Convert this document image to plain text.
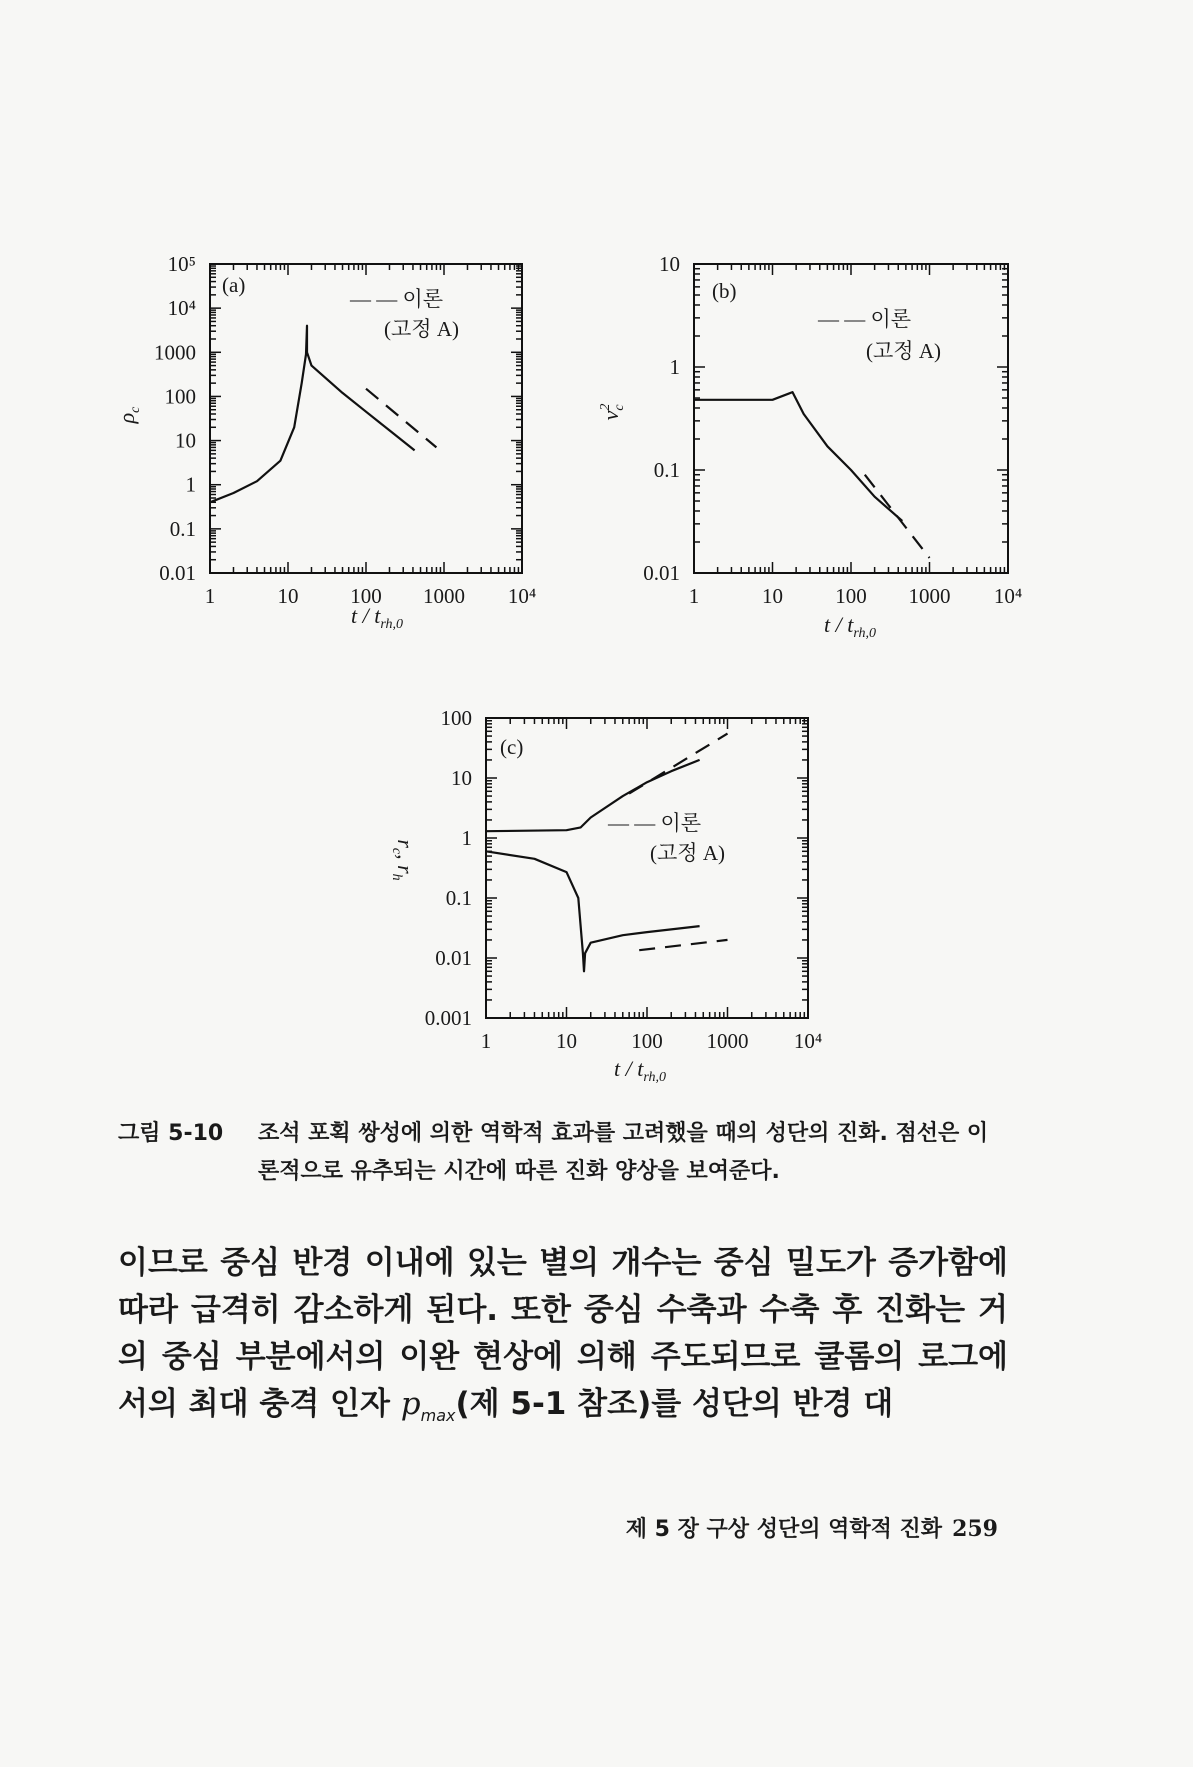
(a)
— — 이론
(고정 A)
1	10 100 1000 10⁴
0.01
0.1
1
10
100
1000
10⁴
10⁵
t / $t_{rh,0}$
$\rho_c$
(b)
— — 이론
(고정 A)
1	10 100 1000 10⁴
0.01
0.1
1
10
t / $t_{rh,0}$
$v^2c$
(c)
— — 이론
(고정 A)
1	10	100 1000 10⁴
0.001
0.01
0.1
1
10
100
t / $t_{rh,0}$
$r_c$, $r_h$
그림 5-10 조석 포획 쌍성에 의한 역학적 효과를 고려했을 때의 성단의 진화. 점선은 이론적으로 유추되는 시간에 따른 진화 양상을 보여준다.
이므로 중심 반경 이내에 있는 별의 개수는 중심 밀도가 증가함에 따라 급격히 감소하게 된다. 또한 중심 수축과 수축 후 진화는 거의 중심 부분에서의 이완 현상에 의해 주도되므로 쿨롬의 로그에서의 최대 충격 인자 $p_{max}$(제 5-1 참조)를 성단의 반경 대
제 5 장 구상 성단의 역학적 진화 259
